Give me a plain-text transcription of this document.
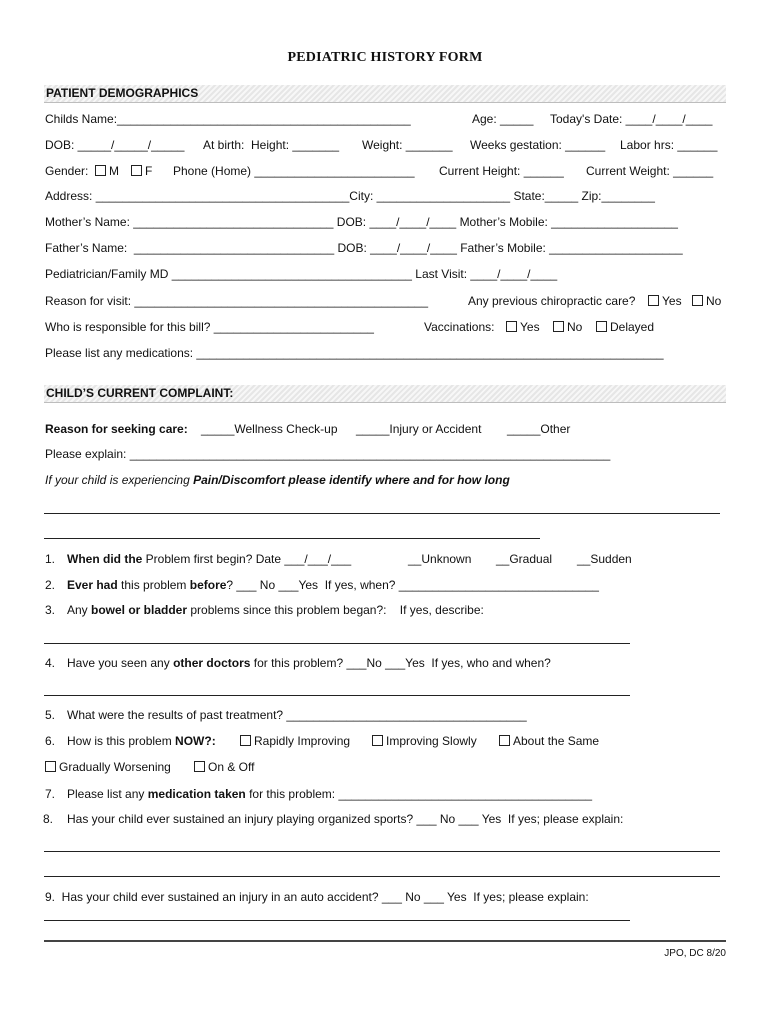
PEDIATRIC HISTORY FORM
PATIENT DEMOGRAPHICS
Childs Name:____________________________________________	Age: _____ Today's Date: ____/____/____
DOB: _____/_____/_____ At birth:  Height: _______ Weight: _______ Weeks gestation: ______ Labor hrs: ______
Gender:	M	F Phone (Home) ________________________ Current Height: ______ Current Weight: ______
Address: ______________________________________City: ____________________ State:_____ Zip:________
Mother’s Name: ______________________________ DOB: ____/____/____ Mother’s Mobile: ___________________
Father’s Name:  ______________________________ DOB: ____/____/____ Father’s Mobile: ____________________
Pediatrician/Family MD ____________________________________ Last Visit: ____/____/____
Reason for visit: ____________________________________________	Any previous chiropractic care?	Yes	No
Who is responsible for this bill? ________________________	Vaccinations:	Yes	No	Delayed
Please list any medications: ______________________________________________________________________
CHILD’S CURRENT COMPLAINT:
Reason for seeking care: _____Wellness Check-up _____Injury or Accident _____Other
Please explain: ________________________________________________________________________
If your child is experiencing Pain/Discomfort please identify where and for how long
1. When did the Problem first begin? Date ___/___/___	__Unknown __Gradual __Sudden
2. Ever had this problem before? ___ No ___Yes  If yes, when? ______________________________
3. Any bowel or bladder problems since this problem began?:    If yes, describe:
4. Have you seen any other doctors for this problem? ___No ___Yes  If yes, who and when?
5. What were the results of past treatment? ____________________________________
6. How is this problem NOW?:	Rapidly Improving	Improving Slowly	About the Same
Gradually Worsening	On & Off
7. Please list any medication taken for this problem: ______________________________________
8. Has your child ever sustained an injury playing organized sports? ___ No ___ Yes  If yes; please explain:
9.  Has your child ever sustained an injury in an auto accident? ___ No ___ Yes  If yes; please explain:
JPO, DC 8/20
